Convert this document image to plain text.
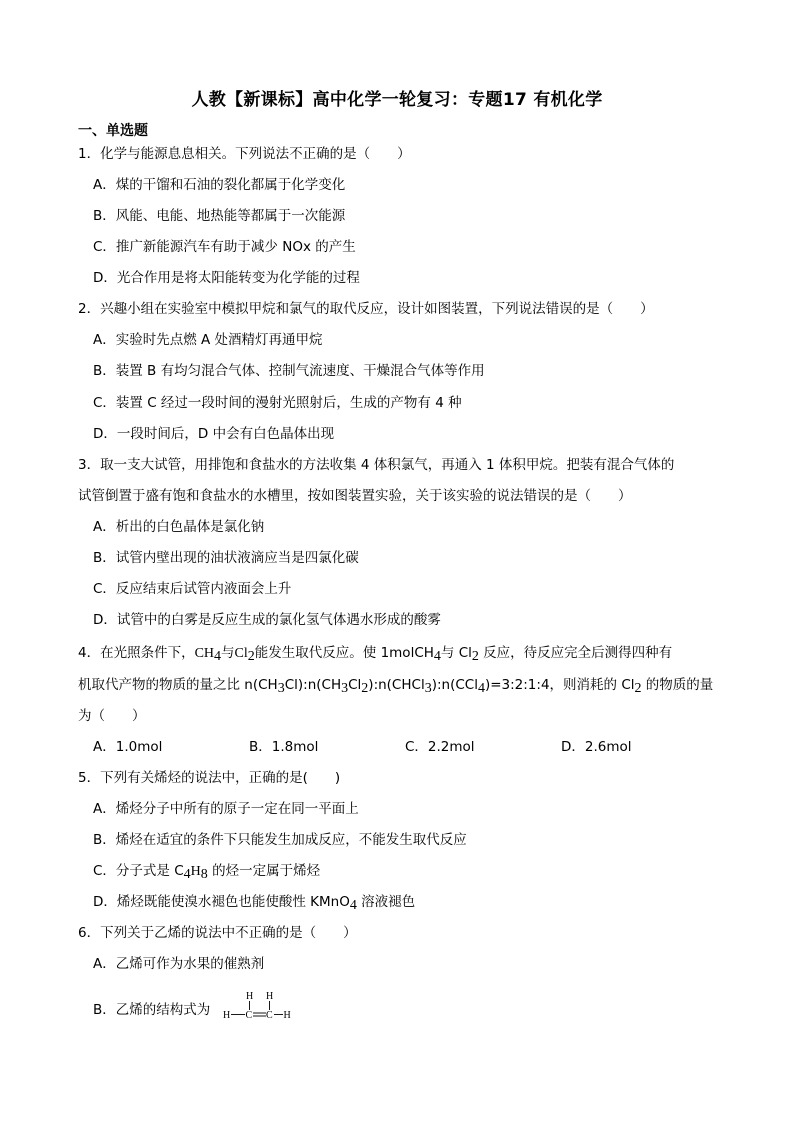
人教【新课标】高中化学一轮复习：专题17 有机化学
一、单选题
1．化学与能源息息相关。下列说法不正确的是（　　）
A．煤的干馏和石油的裂化都属于化学变化
B．风能、电能、地热能等都属于一次能源
C．推广新能源汽车有助于减少 NOx 的产生
D．光合作用是将太阳能转变为化学能的过程
2．兴趣小组在实验室中模拟甲烷和氯气的取代反应，设计如图装置，下列说法错误的是（　　）
A．实验时先点燃 A 处酒精灯再通甲烷
B．装置 B 有均匀混合气体、控制气流速度、干燥混合气体等作用
C．装置 C 经过一段时间的漫射光照射后，生成的产物有 4 种
D．一段时间后，D 中会有白色晶体出现
3．取一支大试管，用排饱和食盐水的方法收集 4 体积氯气，再通入 1 体积甲烷。把装有混合气体的
试管倒置于盛有饱和食盐水的水槽里，按如图装置实验，关于该实验的说法错误的是（　　）
A．析出的白色晶体是氯化钠
B．试管内壁出现的油状液滴应当是四氯化碳
C．反应结束后试管内液面会上升
D．试管中的白雾是反应生成的氯化氢气体遇水形成的酸雾
4．在光照条件下，$CH_4$与$Cl_2$能发生取代反应。使 1molCH$_4$与 $Cl_2$ 反应，待反应完全后测得四种有
机取代产物的物质的量之比 $n(CH_3Cl):n(CH_3Cl_2):n(CHCl_3):n(CCl_4)=3:2:1:4$，则消耗的 $Cl_2$ 的物质的量
为（　　）
A．1.0mol	B．1.8mol	C．2.2mol	D．2.6mol
5．下列有关烯烃的说法中，正确的是(　　)
A．烯烃分子中所有的原子一定在同一平面上
B．烯烃在适宜的条件下只能发生加成反应，不能发生取代反应
C．分子式是 $C_4H_8$ 的烃一定属于烯烃
D．烯烃既能使溴水褪色也能使酸性 KMnO$_4$ 溶液褪色
6．下列关于乙烯的说法中不正确的是（　　）
A．乙烯可作为水果的催熟剂
B．乙烯的结构式为
H H
H C C H
